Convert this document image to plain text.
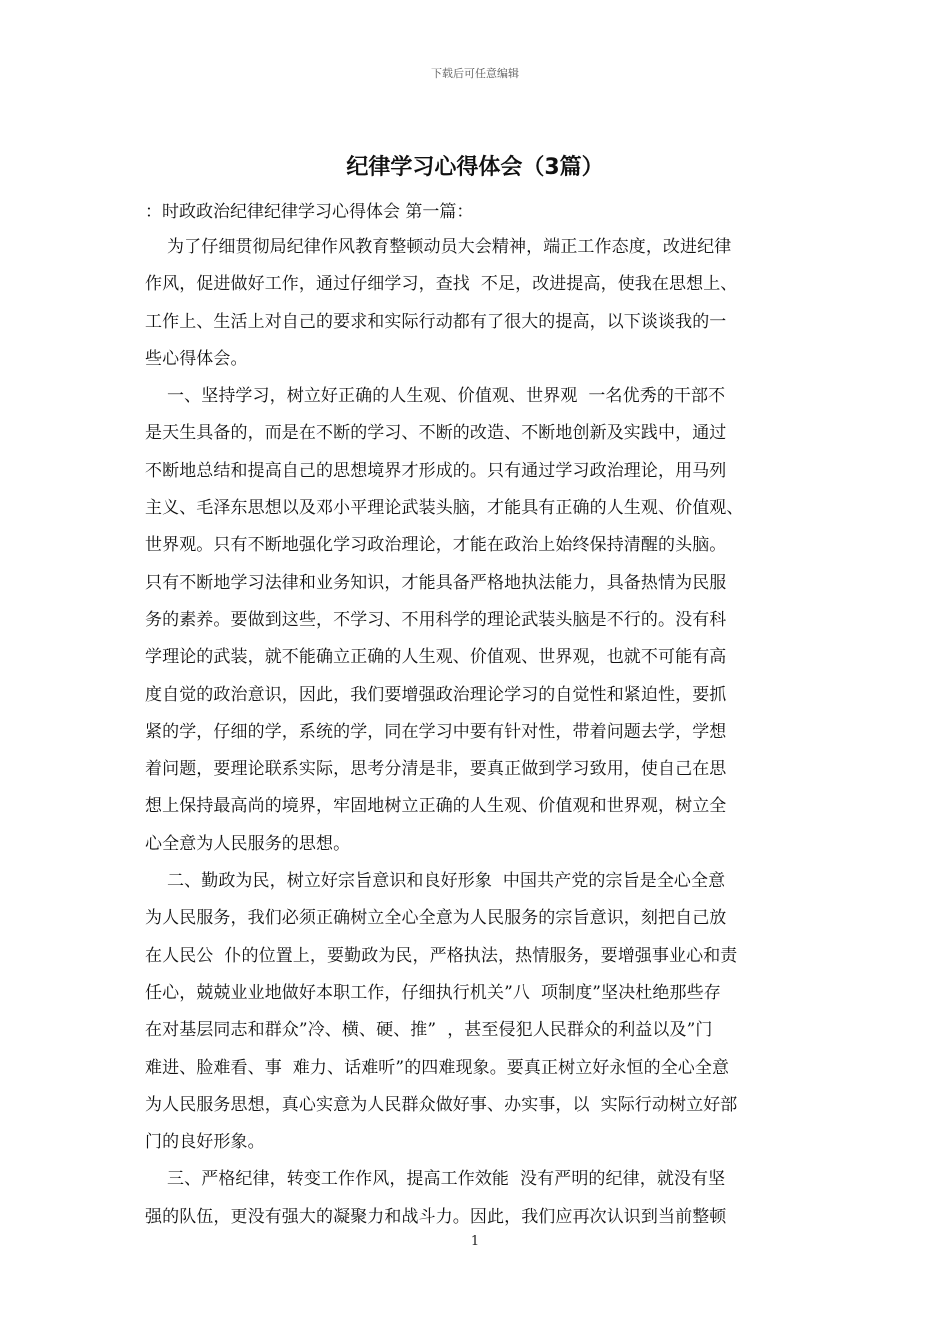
下载后可任意编辑
纪律学习心得体会（3篇）
：时政政治纪律纪律学习心得体会 第一篇：
为了仔细贯彻局纪律作风教育整顿动员大会精神，端正工作态度，改进纪律
作风，促进做好工作，通过仔细学习，查找  不足，改进提高，使我在思想上、
工作上、生活上对自己的要求和实际行动都有了很大的提高，以下谈谈我的一
些心得体会。
一、坚持学习，树立好正确的人生观、价值观、世界观  一名优秀的干部不
是天生具备的，而是在不断的学习、不断的改造、不断地创新及实践中，通过
不断地总结和提高自己的思想境界才形成的。只有通过学习政治理论，用马列
主义、毛泽东思想以及邓小平理论武装头脑，才能具有正确的人生观、价值观、
世界观。只有不断地强化学习政治理论，才能在政治上始终保持清醒的头脑。
只有不断地学习法律和业务知识，才能具备严格地执法能力，具备热情为民服
务的素养。要做到这些，不学习、不用科学的理论武装头脑是不行的。没有科
学理论的武装，就不能确立正确的人生观、价值观、世界观，也就不可能有高
度自觉的政治意识，因此，我们要增强政治理论学习的自觉性和紧迫性，要抓
紧的学，仔细的学，系统的学，同在学习中要有针对性，带着问题去学，学想
着问题，要理论联系实际，思考分清是非，要真正做到学习致用，使自己在思
想上保持最高尚的境界，牢固地树立正确的人生观、价值观和世界观，树立全
心全意为人民服务的思想。
二、勤政为民，树立好宗旨意识和良好形象  中国共产党的宗旨是全心全意
为人民服务，我们必须正确树立全心全意为人民服务的宗旨意识，刻把自己放
在人民公  仆的位置上，要勤政为民，严格执法，热情服务，要增强事业心和责
任心，兢兢业业地做好本职工作，仔细执行机关”八  项制度”坚决杜绝那些存
在对基层同志和群众”冷、横、硬、推”  ，甚至侵犯人民群众的利益以及”门
难进、脸难看、事  难力、话难听”的四难现象。要真正树立好永恒的全心全意
为人民服务思想，真心实意为人民群众做好事、办实事，以  实际行动树立好部
门的良好形象。
三、严格纪律，转变工作作风，提高工作效能  没有严明的纪律，就没有坚
强的队伍，更没有强大的凝聚力和战斗力。因此，我们应再次认识到当前整顿
1
